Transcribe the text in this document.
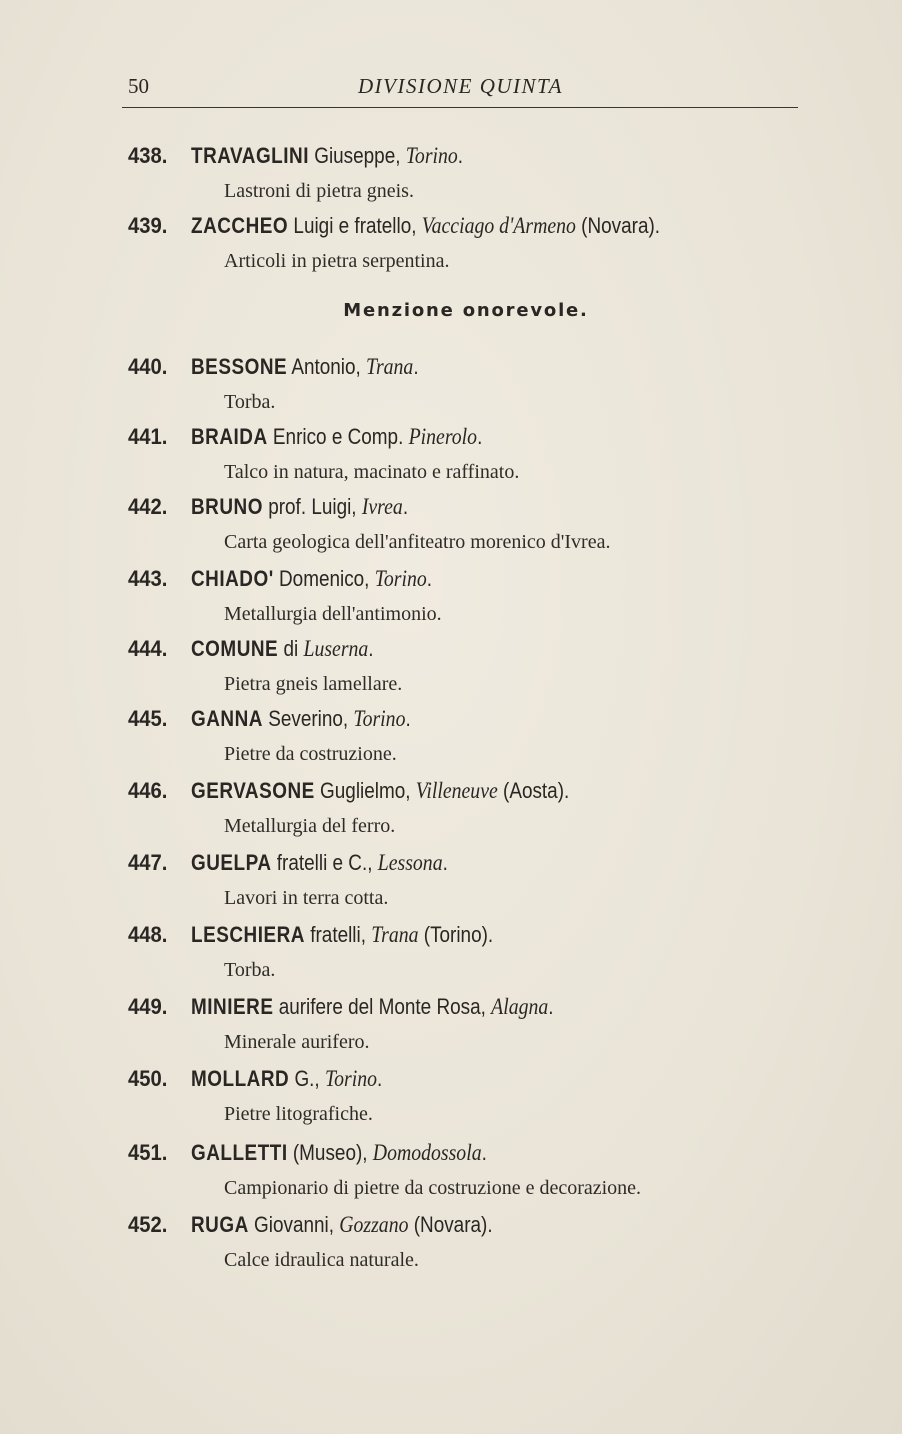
50	DIVISIONE QUINTA
Menzione onorevole.
438. TRAVAGLINI Giuseppe, Torino.
Lastroni di pietra gneis.
439. ZACCHEO Luigi e fratello, Vacciago d'Armeno (Novara).
Articoli in pietra serpentina.
440. BESSONE Antonio, Trana.
Torba.
441. BRAIDA Enrico e Comp. Pinerolo.
Talco in natura, macinato e raffinato.
442. BRUNO prof. Luigi, Ivrea.
Carta geologica dell'anfiteatro morenico d'Ivrea.
443. CHIADO' Domenico, Torino.
Metallurgia dell'antimonio.
444. COMUNE di Luserna.
Pietra gneis lamellare.
445. GANNA Severino, Torino.
Pietre da costruzione.
446. GERVASONE Guglielmo, Villeneuve (Aosta).
Metallurgia del ferro.
447. GUELPA fratelli e C., Lessona.
Lavori in terra cotta.
448. LESCHIERA fratelli, Trana (Torino).
Torba.
449. MINIERE aurifere del Monte Rosa, Alagna.
Minerale aurifero.
450. MOLLARD G., Torino.
Pietre litografiche.
451. GALLETTI (Museo), Domodossola.
Campionario di pietre da costruzione e decorazione.
452. RUGA Giovanni, Gozzano (Novara).
Calce idraulica naturale.
